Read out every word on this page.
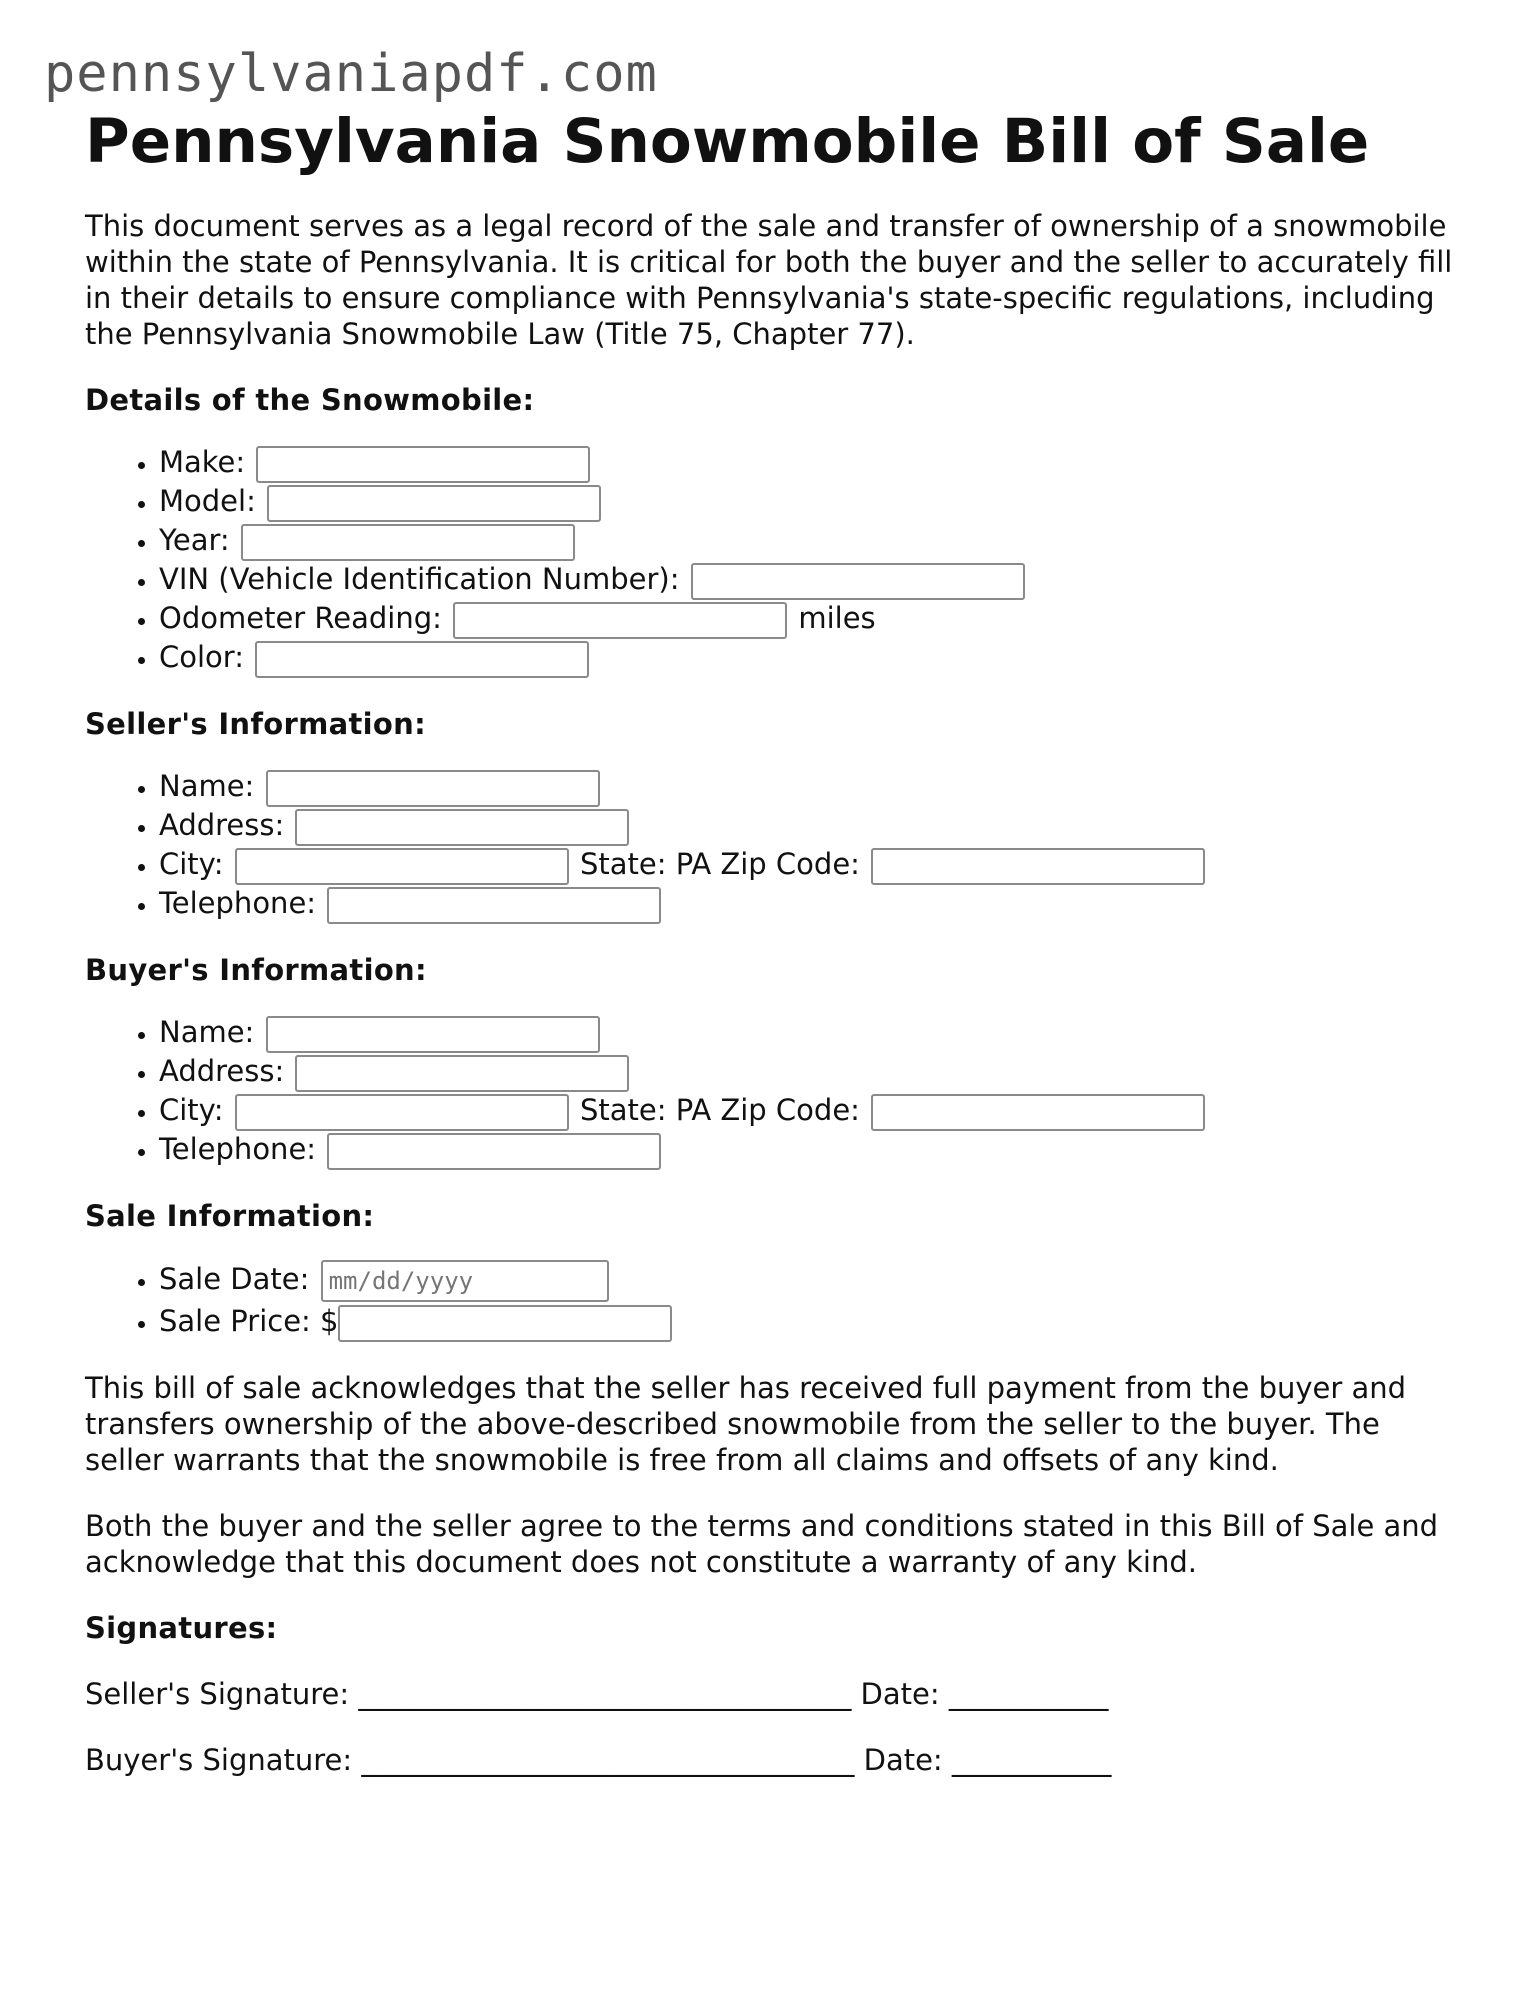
pennsylvaniapdf.com
Pennsylvania Snowmobile Bill of Sale

This document serves as a legal record of the sale and transfer of ownership of a snowmobile within the state of Pennsylvania. It is critical for both the buyer and the seller to accurately fill in their details to ensure compliance with Pennsylvania's state-specific regulations, including the Pennsylvania Snowmobile Law (Title 75, Chapter 77).

Details of the Snowmobile:
• Make:
• Model:
• Year:
• VIN (Vehicle Identification Number):
• Odometer Reading:	miles
• Color:
Seller's Information:
• Name:
• Address:
• City:	State: PA Zip Code:
• Telephone:
Buyer's Information:
• Name:
• Address:
• City:	State: PA Zip Code:
• Telephone:
Sale Information:
• Sale Date: mm/dd/yyyy
• Sale Price: $

This bill of sale acknowledges that the seller has received full payment from the buyer and transfers ownership of the above-described snowmobile from the seller to the buyer. The seller warrants that the snowmobile is free from all claims and offsets of any kind.

Both the buyer and the seller agree to the terms and conditions stated in this Bill of Sale and acknowledge that this document does not constitute a warranty of any kind.

Signatures:
Seller's Signature: __________________________________ Date: ___________
Buyer's Signature: __________________________________ Date: ___________
